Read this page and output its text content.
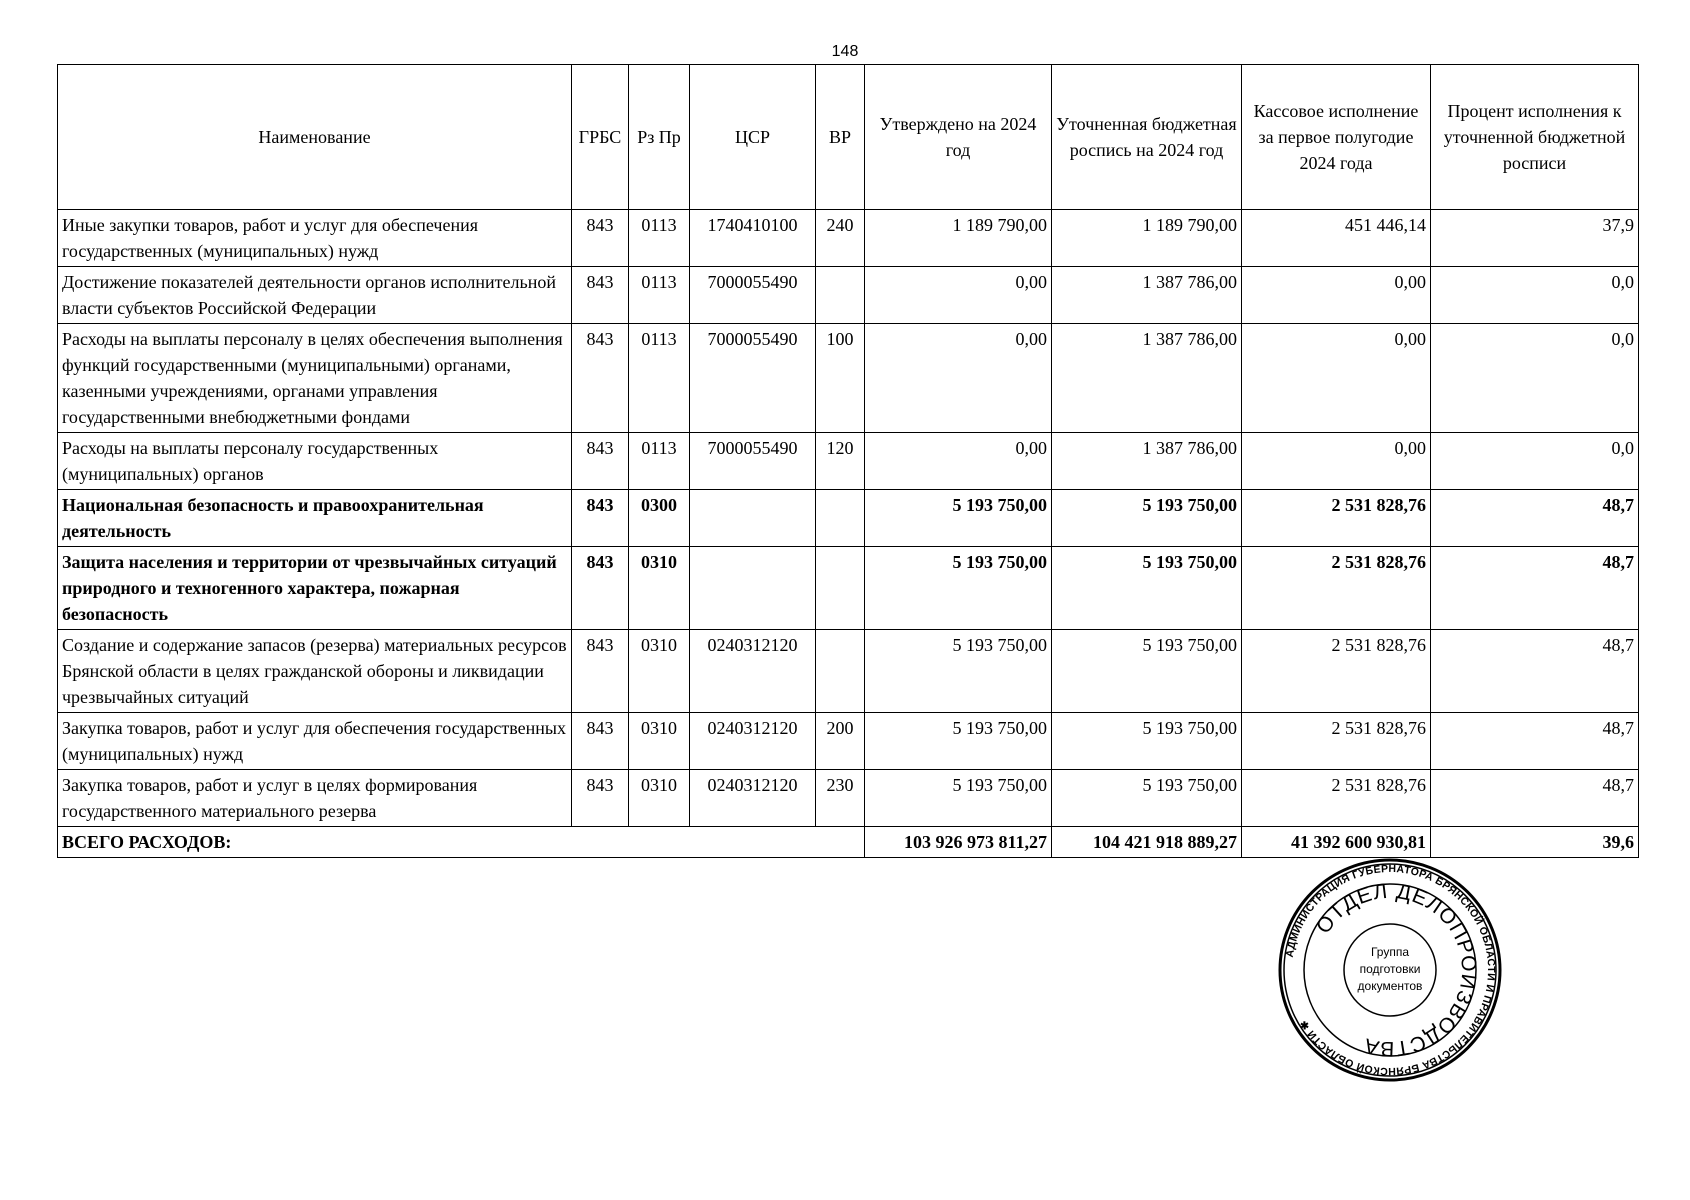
148
Наименование	ГРБС	Рз Пр	ЦСР	ВР	Утверждено на 2024 год	Уточненная бюджетная роспись на 2024 год	Кассовое исполнение за первое полугодие 2024 года	Процент исполнения к уточненной бюджетной росписи
Иные закупки товаров, работ и услуг для обеспечения государственных (муниципальных) нужд	843	0113	1740410100	240	1 189 790,00	1 189 790,00	451 446,14	37,9
Достижение показателей деятельности органов исполнительной власти субъектов Российской Федерации	843	0113	7000055490		0,00	1 387 786,00	0,00	0,0
Расходы на выплаты персоналу в целях обеспечения выполнения функций государственными (муниципальными) органами, казенными учреждениями, органами управления государственными внебюджетными фондами	843	0113	7000055490	100	0,00	1 387 786,00	0,00	0,0
Расходы на выплаты персоналу государственных (муниципальных) органов	843	0113	7000055490	120	0,00	1 387 786,00	0,00	0,0
Национальная безопасность и правоохранительная деятельность	843	0300			5 193 750,00	5 193 750,00	2 531 828,76	48,7
Защита населения и территории от чрезвычайных ситуаций природного и техногенного характера, пожарная безопасность	843	0310			5 193 750,00	5 193 750,00	2 531 828,76	48,7
Создание и содержание запасов (резерва) материальных ресурсов Брянской области в целях гражданской обороны и ликвидации чрезвычайных ситуаций	843	0310	0240312120		5 193 750,00	5 193 750,00	2 531 828,76	48,7
Закупка товаров, работ и услуг для обеспечения государственных (муниципальных) нужд	843	0310	0240312120	200	5 193 750,00	5 193 750,00	2 531 828,76	48,7
Закупка товаров, работ и услуг в целях формирования государственного материального резерва	843	0310	0240312120	230	5 193 750,00	5 193 750,00	2 531 828,76	48,7
ВСЕГО РАСХОДОВ:					103 926 973 811,27	104 421 918 889,27	41 392 600 930,81	39,6
АДМИНИСТРАЦИЯ ГУБЕРНАТОРА БРЯНСКОЙ ОБЛАСТИ И ПРАВИТЕЛЬСТВА БРЯНСКОЙ ОБЛАСТИ ✱
ОТДЕЛ ДЕЛОПРОИЗВОДСТВА
Группа
подготовки
документов
